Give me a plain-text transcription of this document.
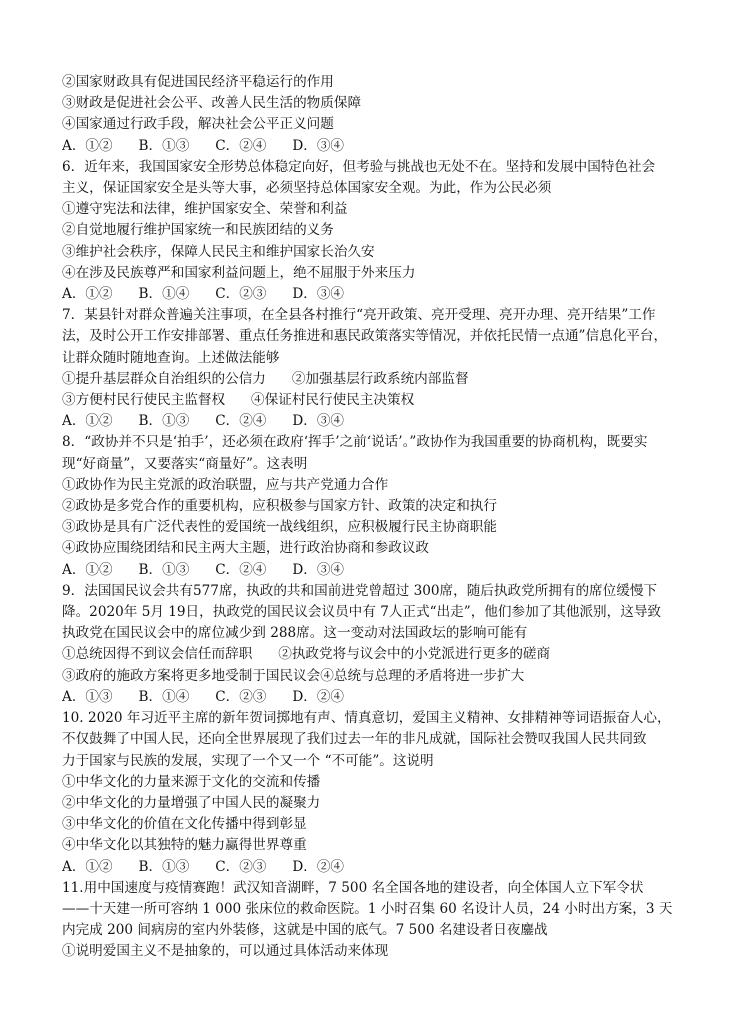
②国家财政具有促进国民经济平稳运行的作用
③财政是促进社会公平、改善人民生活的物质保障
④国家通过行政手段，解决社会公平正义问题
A．①②      B．①③      C．②④      D．③④
6．近年来，我国国家安全形势总体稳定向好，但考验与挑战也无处不在。坚持和发展中国特色社会
主义，保证国家安全是头等大事，必须坚持总体国家安全观。为此，作为公民必须
①遵守宪法和法律，维护国家安全、荣誉和利益
②自觉地履行维护国家统一和民族团结的义务
③维护社会秩序，保障人民民主和维护国家长治久安
④在涉及民族尊严和国家利益问题上，绝不屈服于外来压力
A．①②      B．①④      C．②③      D．③④
7．某县针对群众普遍关注事项，在全县各村推行“亮开政策、亮开受理、亮开办理、亮开结果”工作
法，及时公开工作安排部署、重点任务推进和惠民政策落实等情况，并依托民情一点通”信息化平台，
让群众随时随地查询。上述做法能够
①提升基层群众自治组织的公信力      ②加强基层行政系统内部监督
③方便村民行使民主监督权      ④保证村民行使民主决策权
A．①②      B．①③      C．②④      D．③④
8．“政协并不只是‘拍手’，还必须在政府‘挥手’之前‘说话’。”政协作为我国重要的协商机构，既要实
现“好商量”，又要落实“商量好”。这表明
①政协作为民主党派的政治联盟，应与共产党通力合作
②政协是多党合作的重要机构，应积极参与国家方针、政策的决定和执行
③政协是具有广泛代表性的爱国统一战线组织，应积极履行民主协商职能
④政协应围绕团结和民主两大主题，进行政治协商和参政议政
A．①②      B．①③      C．②④      D．③④
9．法国国民议会共有577席，执政的共和国前进党曾超过 300席，随后执政党所拥有的席位缓慢下
降。2020年 5月 19日，执政党的国民议会议员中有 7人正式“出走”，他们参加了其他派别，这导致
执政党在国民议会中的席位减少到 288席。这一变动对法国政坛的影响可能有
①总统因得不到议会信任而辞职      ②执政党将与议会中的小党派进行更多的磋商
③政府的施政方案将更多地受制于国民议会④总统与总理的矛盾将进一步扩大
A．①③      B．①④      C．②③      D．②④
10. 2020 年习近平主席的新年贺词掷地有声、情真意切，爱国主义精神、女排精神等词语振奋人心，
不仅鼓舞了中国人民，还向全世界展现了我们过去一年的非凡成就，国际社会赞叹我国人民共同致
力于国家与民族的发展，实现了一个又一个 “不可能”。这说明
①中华文化的力量来源于文化的交流和传播
②中华文化的力量增强了中国人民的凝聚力
③中华文化的价值在文化传播中得到彰显
④中华文化以其独特的魅力赢得世界尊重
A．①②      B．①③      C．②③      D．②④
11.用中国速度与疫情赛跑！武汉知音湖畔，7 500 名全国各地的建设者，向全体国人立下军令状
——十天建一所可容纳 1 000 张床位的救命医院。1 小时召集 60 名设计人员，24 小时出方案，3 天
内完成 200 间病房的室内外装修，这就是中国的底气。7 500 名建设者日夜鏖战
①说明爱国主义不是抽象的，可以通过具体活动来体现
